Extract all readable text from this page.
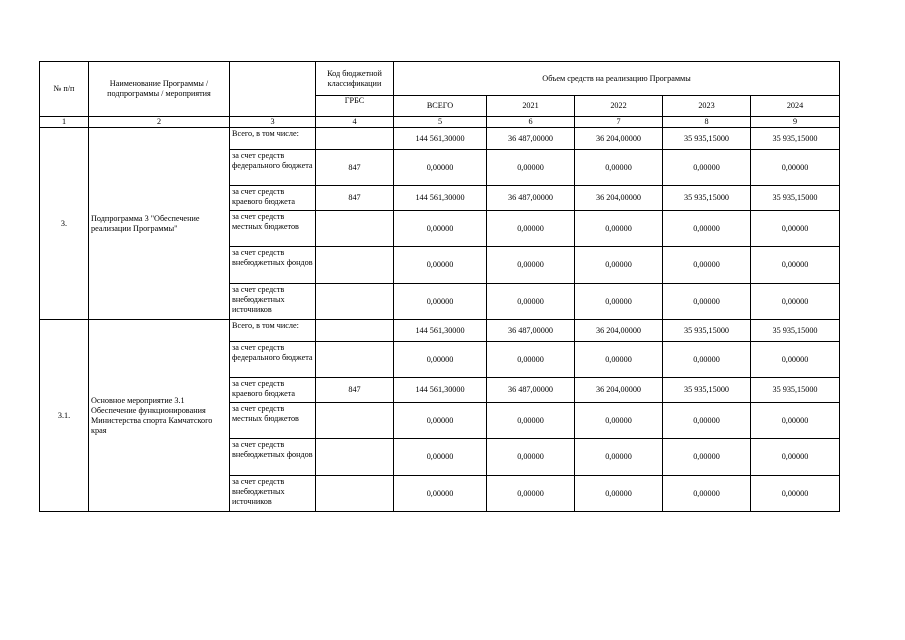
№ п/п	Наименование Программы / подпрограммы / мероприятия		Код бюджетной классификации	Объем средств на реализацию Программы				
			ГРБС	ВСЕГО	2021	2022	2023	2024
1	2	3	4	5	6	7	8	9
3.	Подпрограмма 3 "Обеспечение реализации Программы"	Всего, в том числе:		144 561,30000	36 487,00000	36 204,00000	35 935,15000	35 935,15000
		за счет средств федерального бюджета	847	0,00000	0,00000	0,00000	0,00000	0,00000
		за счет средств краевого бюджета	847	144 561,30000	36 487,00000	36 204,00000	35 935,15000	35 935,15000
		за счет средств местных бюджетов		0,00000	0,00000	0,00000	0,00000	0,00000
		за счет средств внебюджетных фондов		0,00000	0,00000	0,00000	0,00000	0,00000
		за счет средств внебюджетных источников		0,00000	0,00000	0,00000	0,00000	0,00000
3.1.	Основное мероприятие 3.1 Обеспечение функционирования Министерства спорта Камчатского края	Всего, в том числе:		144 561,30000	36 487,00000	36 204,00000	35 935,15000	35 935,15000
		за счет средств федерального бюджета		0,00000	0,00000	0,00000	0,00000	0,00000
		за счет средств краевого бюджета	847	144 561,30000	36 487,00000	36 204,00000	35 935,15000	35 935,15000
		за счет средств местных бюджетов		0,00000	0,00000	0,00000	0,00000	0,00000
		за счет средств внебюджетных фондов		0,00000	0,00000	0,00000	0,00000	0,00000
		за счет средств внебюджетных источников		0,00000	0,00000	0,00000	0,00000	0,00000
